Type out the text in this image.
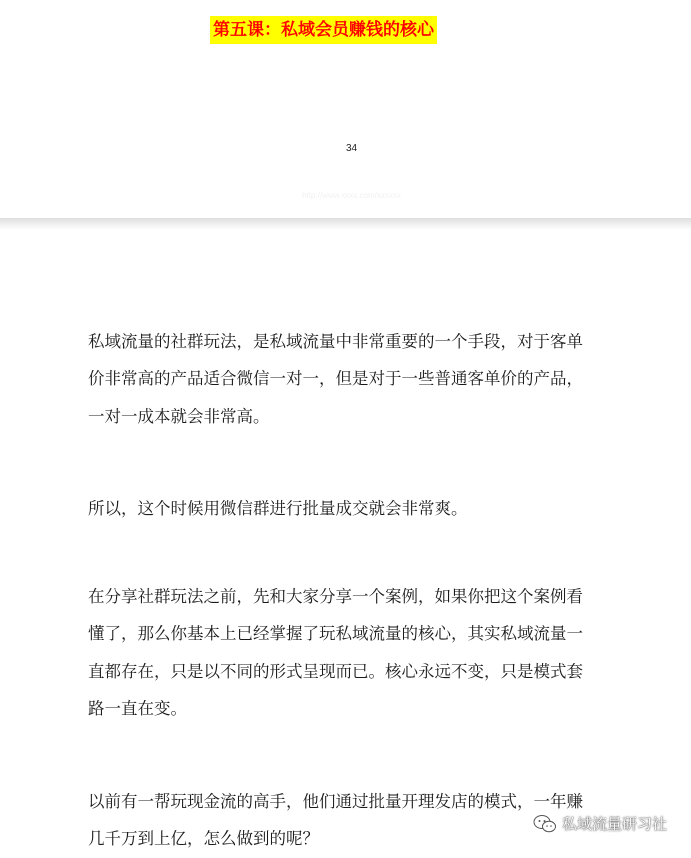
第五课：私域会员赚钱的核心
34
http://www.xxxx.com/xxxxxx

私域流量的社群玩法，是私域流量中非常重要的一个手段，对于客单
价非常高的产品适合微信一对一，但是对于一些普通客单价的产品，
一对一成本就会非常高。

所以，这个时候用微信群进行批量成交就会非常爽。

在分享社群玩法之前，先和大家分享一个案例，如果你把这个案例看
懂了，那么你基本上已经掌握了玩私域流量的核心，其实私域流量一
直都存在，只是以不同的形式呈现而已。核心永远不变，只是模式套
路一直在变。

以前有一帮玩现金流的高手，他们通过批量开理发店的模式，一年赚
几千万到上亿，怎么做到的呢？

私域流量研习社
